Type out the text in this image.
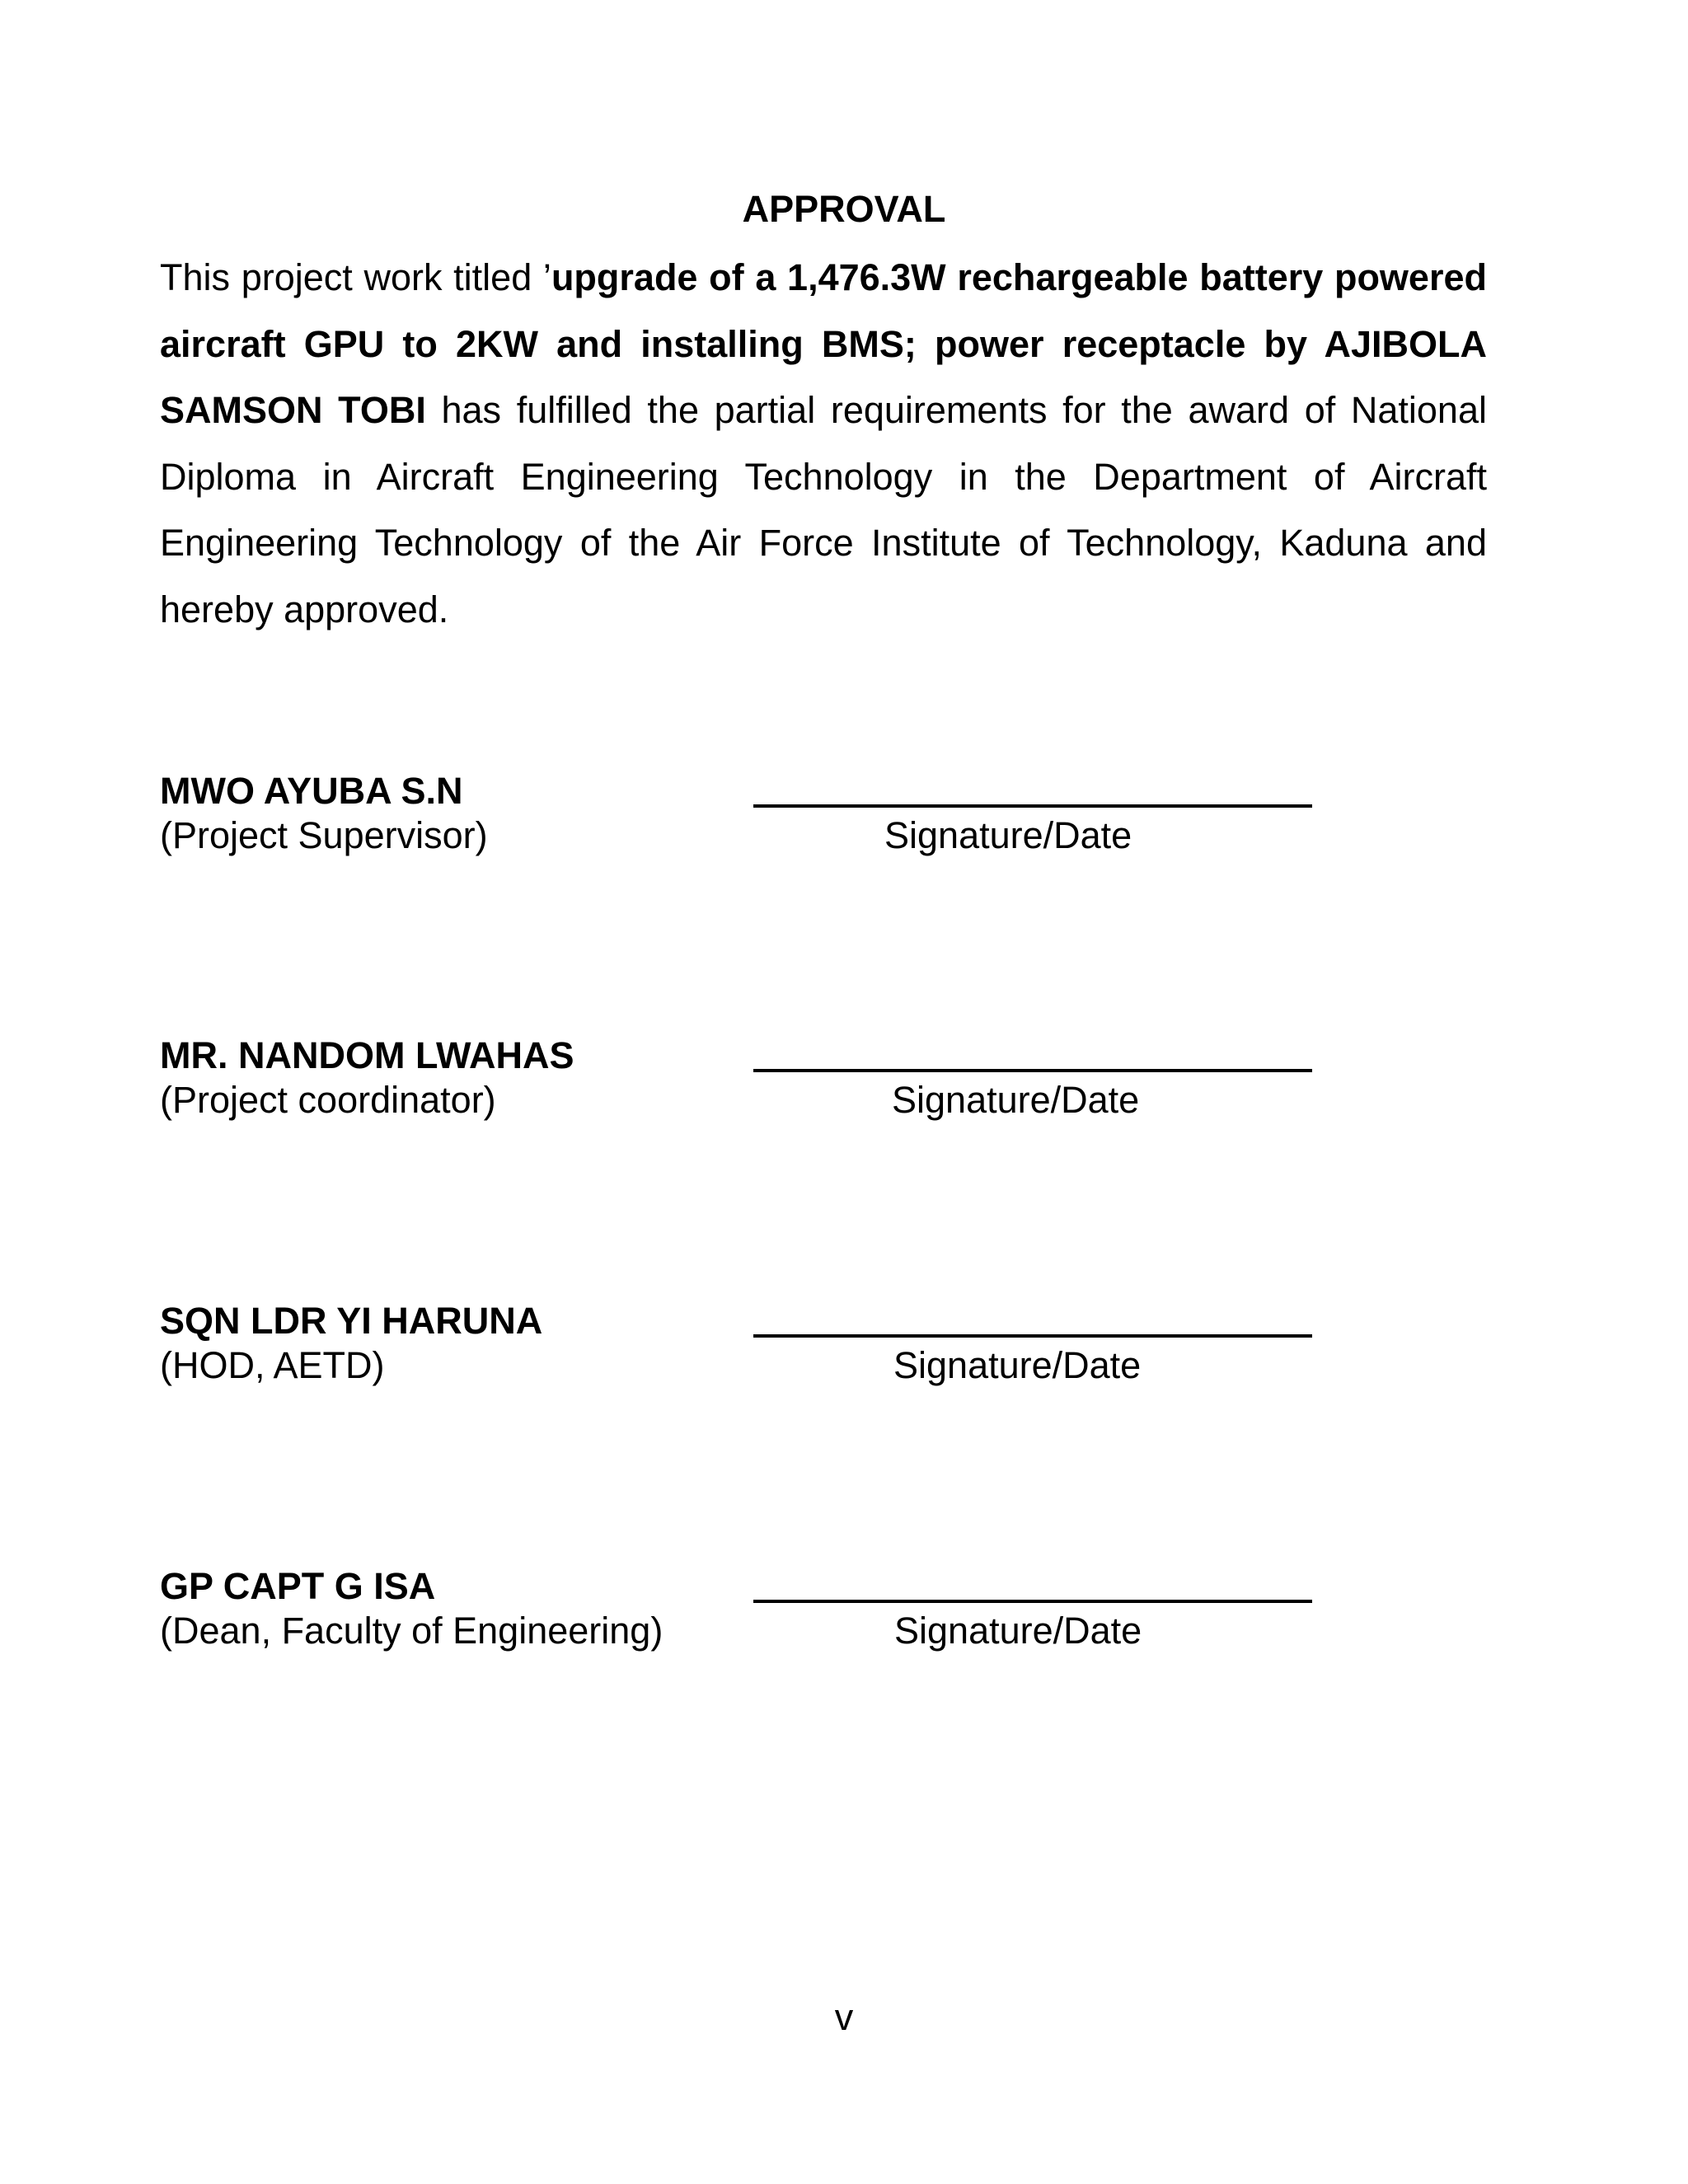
APPROVAL

This project work titled ’upgrade of a 1,476.3W rechargeable battery powered aircraft GPU to 2KW and installing BMS; power receptacle by AJIBOLA SAMSON TOBI has fulfilled the partial requirements for the award of National Diploma in Aircraft Engineering Technology in the Department of Aircraft Engineering Technology of the Air Force Institute of Technology, Kaduna and hereby approved.

MWO AYUBA S.N
(Project Supervisor)	Signature/Date
MR. NANDOM LWAHAS
(Project coordinator)	Signature/Date
SQN LDR YI HARUNA
(HOD, AETD)	Signature/Date
GP CAPT G ISA
(Dean, Faculty of Engineering)	Signature/Date
v
